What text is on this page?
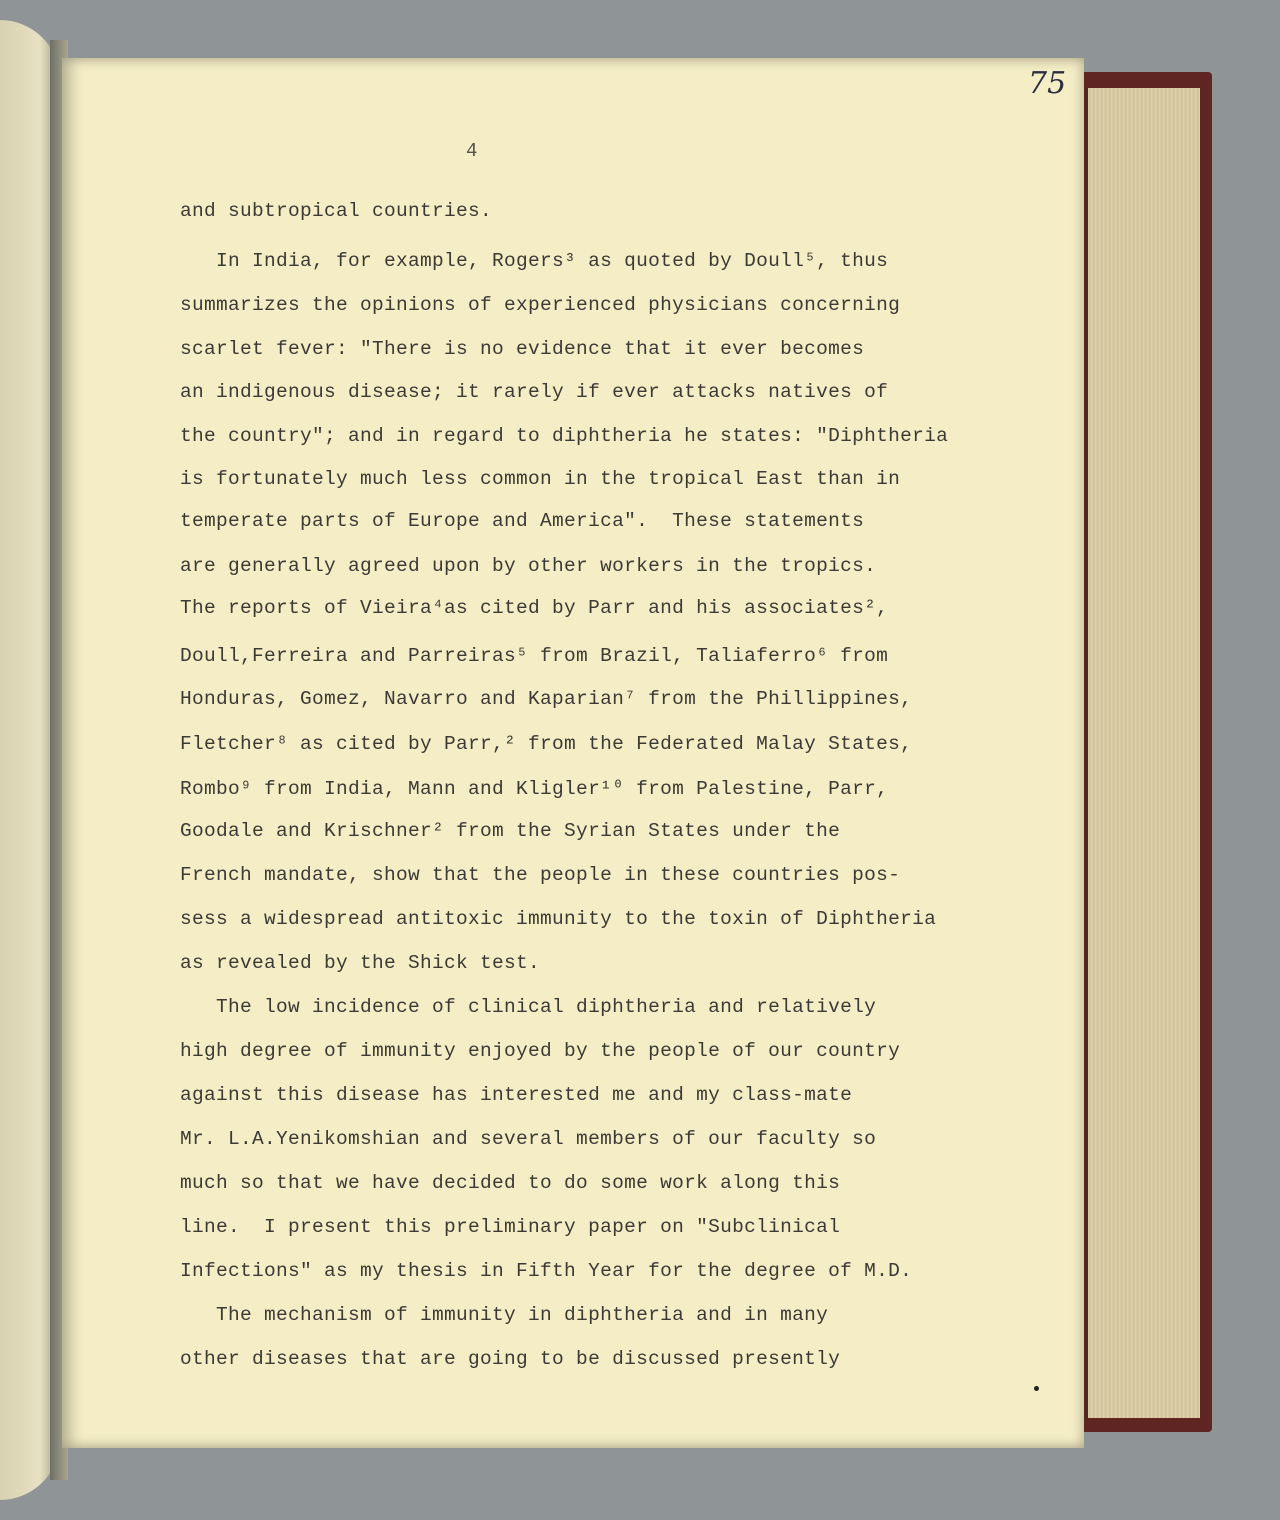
75
4
and subtropical countries.
In India, for example, Rogers³ as quoted by Doull⁵, thus
summarizes the opinions of experienced physicians concerning
scarlet fever: "There is no evidence that it ever becomes
an indigenous disease; it rarely if ever attacks natives of
the country"; and in regard to diphtheria he states: "Diphtheria
is fortunately much less common in the tropical East than in
temperate parts of Europe and America".  These statements
are generally agreed upon by other workers in the tropics.
The reports of Vieira⁴as cited by Parr and his associates²,
Doull,Ferreira and Parreiras⁵ from Brazil, Taliaferro⁶ from
Honduras, Gomez, Navarro and Kaparian⁷ from the Phillippines,
Fletcher⁸ as cited by Parr,² from the Federated Malay States,
Rombo⁹ from India, Mann and Kligler¹⁰ from Palestine, Parr,
Goodale and Krischner² from the Syrian States under the
French mandate, show that the people in these countries pos-
sess a widespread antitoxic immunity to the toxin of Diphtheria
as revealed by the Shick test.
The low incidence of clinical diphtheria and relatively
high degree of immunity enjoyed by the people of our country
against this disease has interested me and my class-mate
Mr. L.A.Yenikomshian and several members of our faculty so
much so that we have decided to do some work along this
line.  I present this preliminary paper on "Subclinical
Infections" as my thesis in Fifth Year for the degree of M.D.
The mechanism of immunity in diphtheria and in many
other diseases that are going to be discussed presently
